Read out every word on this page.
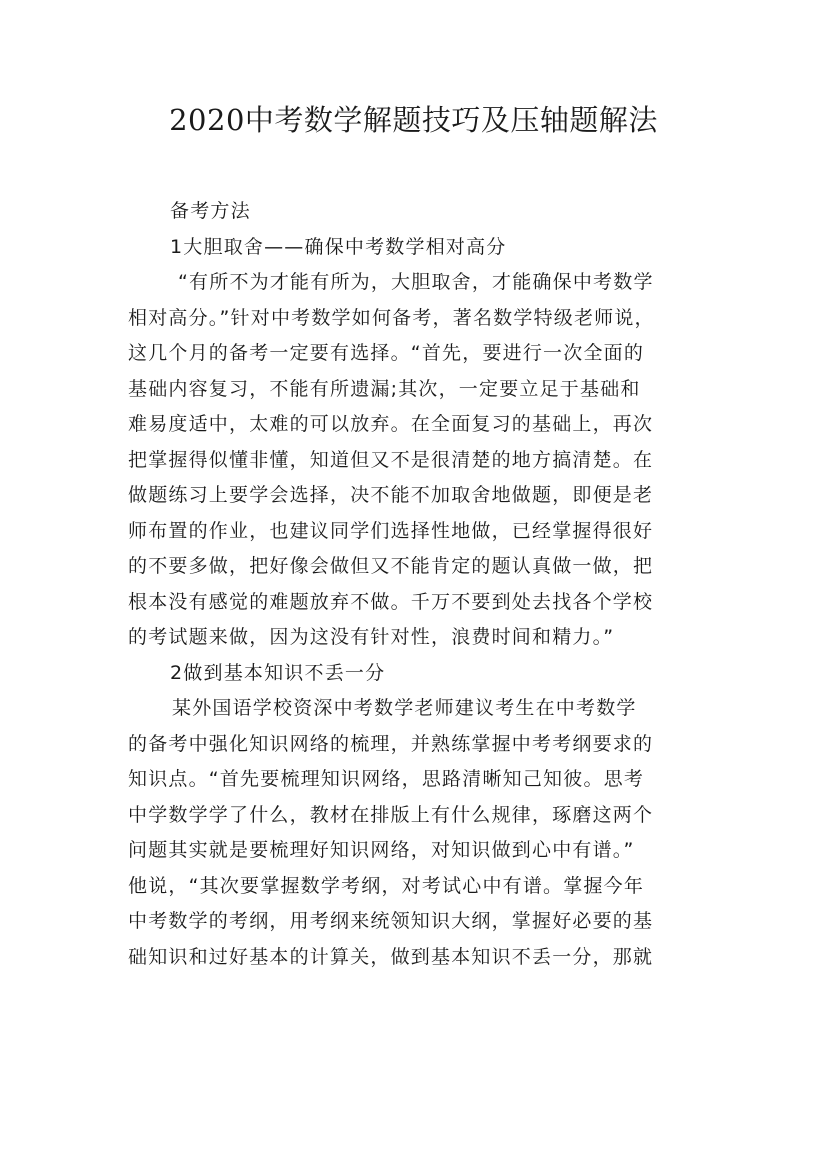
2020中考数学解题技巧及压轴题解法
备考方法
1大胆取舍——确保中考数学相对高分
“有所不为才能有所为，大胆取舍，才能确保中考数学
相对高分。”针对中考数学如何备考，著名数学特级老师说，
这几个月的备考一定要有选择。“首先，要进行一次全面的
基础内容复习，不能有所遗漏;其次，一定要立足于基础和
难易度适中，太难的可以放弃。在全面复习的基础上，再次
把掌握得似懂非懂，知道但又不是很清楚的地方搞清楚。在
做题练习上要学会选择，决不能不加取舍地做题，即便是老
师布置的作业，也建议同学们选择性地做，已经掌握得很好
的不要多做，把好像会做但又不能肯定的题认真做一做，把
根本没有感觉的难题放弃不做。千万不要到处去找各个学校
的考试题来做，因为这没有针对性，浪费时间和精力。”
2做到基本知识不丢一分
某外国语学校资深中考数学老师建议考生在中考数学
的备考中强化知识网络的梳理，并熟练掌握中考考纲要求的
知识点。“首先要梳理知识网络，思路清晰知己知彼。思考
中学数学学了什么，教材在排版上有什么规律，琢磨这两个
问题其实就是要梳理好知识网络，对知识做到心中有谱。”
他说，“其次要掌握数学考纲，对考试心中有谱。掌握今年
中考数学的考纲，用考纲来统领知识大纲，掌握好必要的基
础知识和过好基本的计算关，做到基本知识不丢一分，那就
